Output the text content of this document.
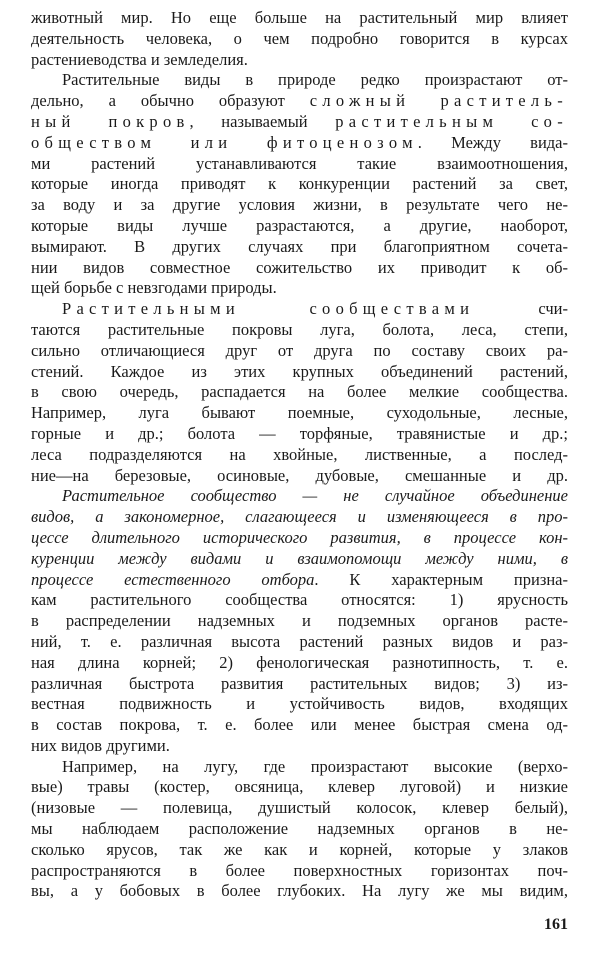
животный мир. Но еще больше на растительный мир влияет
деятельность человека, о чем подробно говорится в курсах
растениеводства и земледелия.
Растительные виды в природе редко произрастают от-
дельно, а обычно образуют сложный раститель-
ный покров, называемый растительным со-
обществом или фитоценозом. Между вида-
ми растений устанавливаются такие взаимоотношения,
которые иногда приводят к конкуренции растений за свет,
за воду и за другие условия жизни, в результате чего не-
которые виды лучше разрастаются, а другие, наоборот,
вымирают. В других случаях при благоприятном сочета-
нии видов совместное сожительство их приводит к об-
щей борьбе с невзгодами природы.
Растительными сообществами счи-
таются растительные покровы луга, болота, леса, степи,
сильно отличающиеся друг от друга по составу своих ра-
стений. Каждое из этих крупных объединений растений,
в свою очередь, распадается на более мелкие сообщества.
Например, луга бывают поемные, суходольные, лесные,
горные и др.; болота — торфяные, травянистые и др.;
леса подразделяются на хвойные, лиственные, а послед-
ние—на березовые, осиновые, дубовые, смешанные и др.
Растительное сообщество — не случайное объединение
видов, а закономерное, слагающееся и изменяющееся в про-
цессе длительного исторического развития, в процессе кон-
куренции между видами и взаимопомощи между ними, в
процессе естественного отбора. К характерным призна-
кам растительного сообщества относятся: 1) ярусность
в распределении надземных и подземных органов расте-
ний, т. е. различная высота растений разных видов и раз-
ная длина корней; 2) фенологическая разнотипность, т. е.
различная быстрота развития растительных видов; 3) из-
вестная подвижность и устойчивость видов, входящих
в состав покрова, т. е. более или менее быстрая смена од-
них видов другими.
Например, на лугу, где произрастают высокие (верхо-
вые) травы (костер, овсяница, клевер луговой) и низкие
(низовые — полевица, душистый колосок, клевер белый),
мы наблюдаем расположение надземных органов в не-
сколько ярусов, так же как и корней, которые у злаков
распространяются в более поверхностных горизонтах поч-
вы, а у бобовых в более глубоких. На лугу же мы видим,
161
